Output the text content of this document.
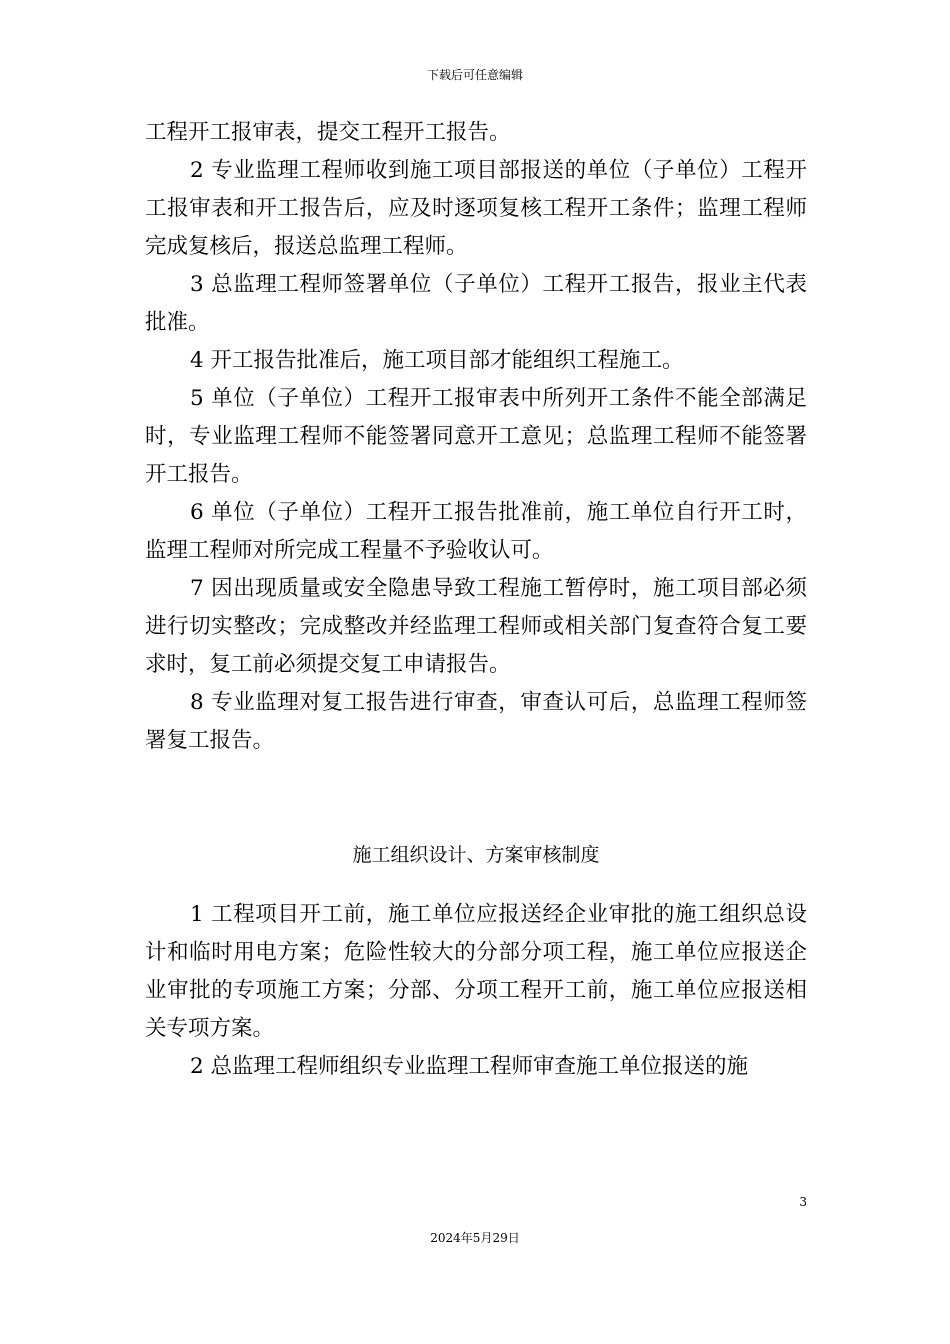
下载后可任意编辑

工程开工报审表，提交工程开工报告。

2 专业监理工程师收到施工项目部报送的单位（子单位）工程开工报审表和开工报告后，应及时逐项复核工程开工条件；监理工程师完成复核后，报送总监理工程师。

3 总监理工程师签署单位（子单位）工程开工报告，报业主代表批准。

4 开工报告批准后，施工项目部才能组织工程施工。

5 单位（子单位）工程开工报审表中所列开工条件不能全部满足时，专业监理工程师不能签署同意开工意见；总监理工程师不能签署开工报告。

6 单位（子单位）工程开工报告批准前，施工单位自行开工时，监理工程师对所完成工程量不予验收认可。

7 因出现质量或安全隐患导致工程施工暂停时，施工项目部必须进行切实整改；完成整改并经监理工程师或相关部门复查符合复工要求时，复工前必须提交复工申请报告。

8 专业监理对复工报告进行审查，审查认可后，总监理工程师签署复工报告。

施工组织设计、方案审核制度

1 工程项目开工前，施工单位应报送经企业审批的施工组织总设计和临时用电方案；危险性较大的分部分项工程，施工单位应报送企业审批的专项施工方案；分部、分项工程开工前，施工单位应报送相关专项方案。

2 总监理工程师组织专业监理工程师审查施工单位报送的施

3
2024年5月29日
